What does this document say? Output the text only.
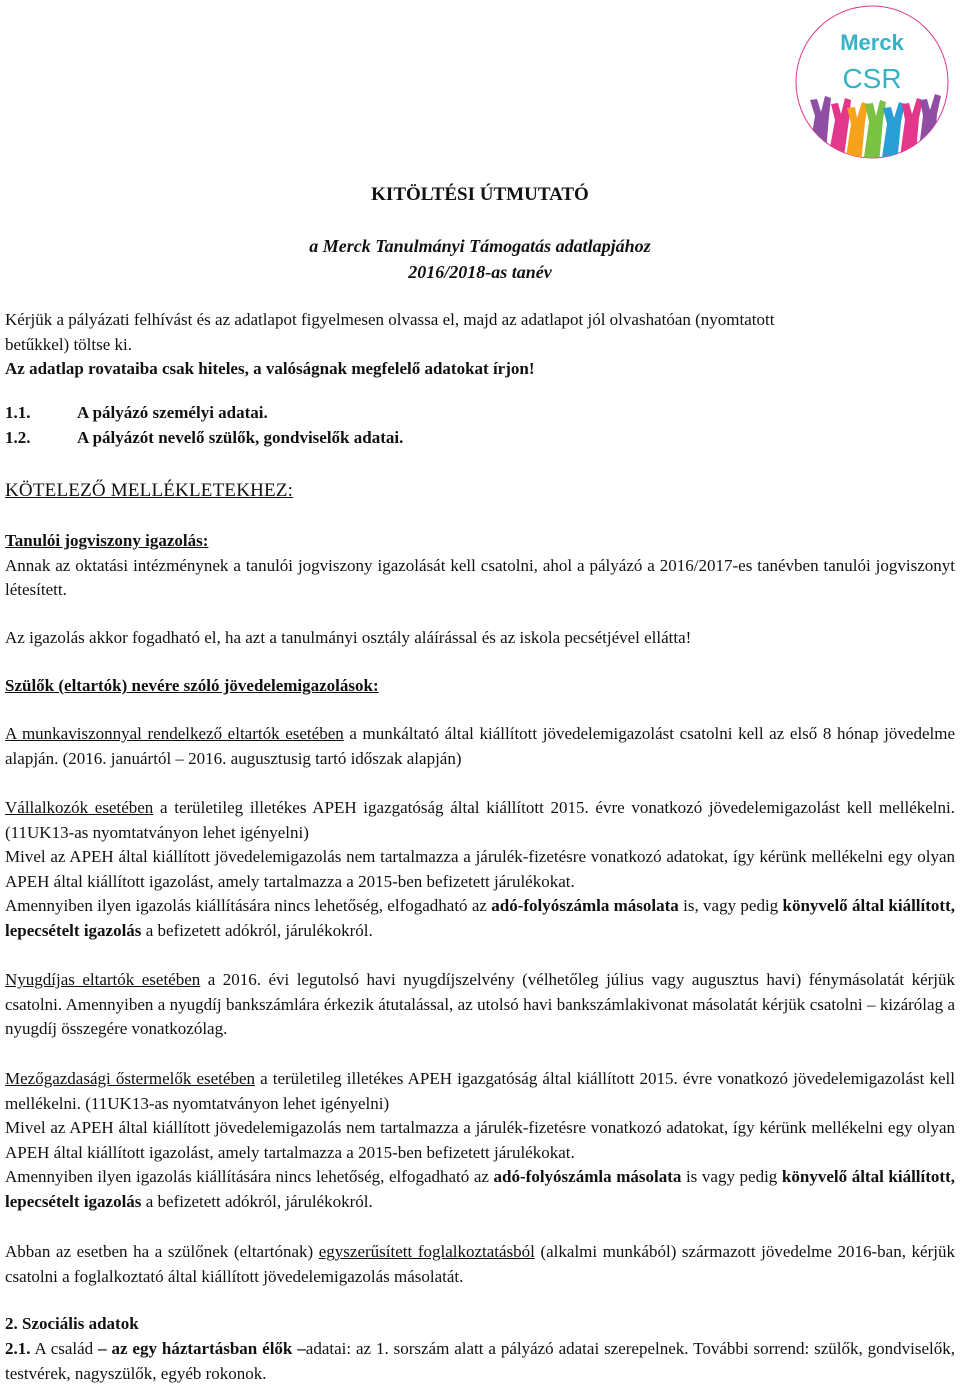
Merck
CSR
KITÖLTÉSI ÚTMUTATÓ
a Merck Tanulmányi Támogatás adatlapjához
2016/2018-as tanév

Kérjük a pályázati felhívást és az adatlapot figyelmesen olvassa el, majd az adatlapot jól olvashatóan (nyomtatott

betűkkel) töltse ki.

Az adatlap rovataiba csak hiteles, a valóságnak megfelelő adatokat írjon!

1.1.	A pályázó személyi adatai.
1.2.	A pályázót nevelő szülők, gondviselők adatai.
KÖTELEZŐ MELLÉKLETEKHEZ:

Tanulói jogviszony igazolás:

Annak az oktatási intézménynek a tanulói jogviszony igazolását kell csatolni, ahol a pályázó a 2016/2017-es tanévben tanulói jogviszonyt létesített.

Az igazolás akkor fogadható el, ha azt a tanulmányi osztály aláírással és az iskola pecsétjével ellátta!
Szülők (eltartók) nevére szóló jövedelemigazolások:
A munkaviszonnyal rendelkező eltartók esetében a munkáltató által kiállított jövedelemigazolást csatolni kell az első 8 hónap jövedelme alapján. (2016. januártól – 2016. augusztusig tartó időszak alapján)

Vállalkozók esetében a területileg illetékes APEH igazgatóság által kiállított 2015. évre vonatkozó jövedelemigazolást kell mellékelni. (11UK13-as nyomtatványon lehet igényelni)

Mivel az APEH által kiállított jövedelemigazolás nem tartalmazza a járulék-fizetésre vonatkozó adatokat, így kérünk mellékelni egy olyan APEH által kiállított igazolást, amely tartalmazza a 2015-ben befizetett járulékokat.

Amennyiben ilyen igazolás kiállítására nincs lehetőség, elfogadható az adó-folyószámla másolata is, vagy pedig könyvelő által kiállított, lepecsételt igazolás a befizetett adókról, járulékokról.

Nyugdíjas eltartók esetében a 2016. évi legutolsó havi nyugdíjszelvény (vélhetőleg július vagy augusztus havi) fénymásolatát kérjük csatolni. Amennyiben a nyugdíj bankszámlára érkezik átutalással, az utolsó havi bankszámlakivonat másolatát kérjük csatolni – kizárólag a nyugdíj összegére vonatkozólag.

Mezőgazdasági őstermelők esetében a területileg illetékes APEH igazgatóság által kiállított 2015. évre vonatkozó jövedelemigazolást kell mellékelni. (11UK13-as nyomtatványon lehet igényelni)

Mivel az APEH által kiállított jövedelemigazolás nem tartalmazza a járulék-fizetésre vonatkozó adatokat, így kérünk mellékelni egy olyan APEH által kiállított igazolást, amely tartalmazza a 2015-ben befizetett járulékokat.

Amennyiben ilyen igazolás kiállítására nincs lehetőség, elfogadható az adó-folyószámla másolata is vagy pedig könyvelő által kiállított, lepecsételt igazolás a befizetett adókról, járulékokról.

Abban az esetben ha a szülőnek (eltartónak) egyszerűsített foglalkoztatásból (alkalmi munkából) származott jövedelme 2016-ban, kérjük csatolni a foglalkoztató által kiállított jövedelemigazolás másolatát.
2. Szociális adatok
2.1. A család – az egy háztartásban élők –adatai: az 1. sorszám alatt a pályázó adatai szerepelnek. További sorrend: szülők, gondviselők, testvérek, nagyszülők, egyéb rokonok.
